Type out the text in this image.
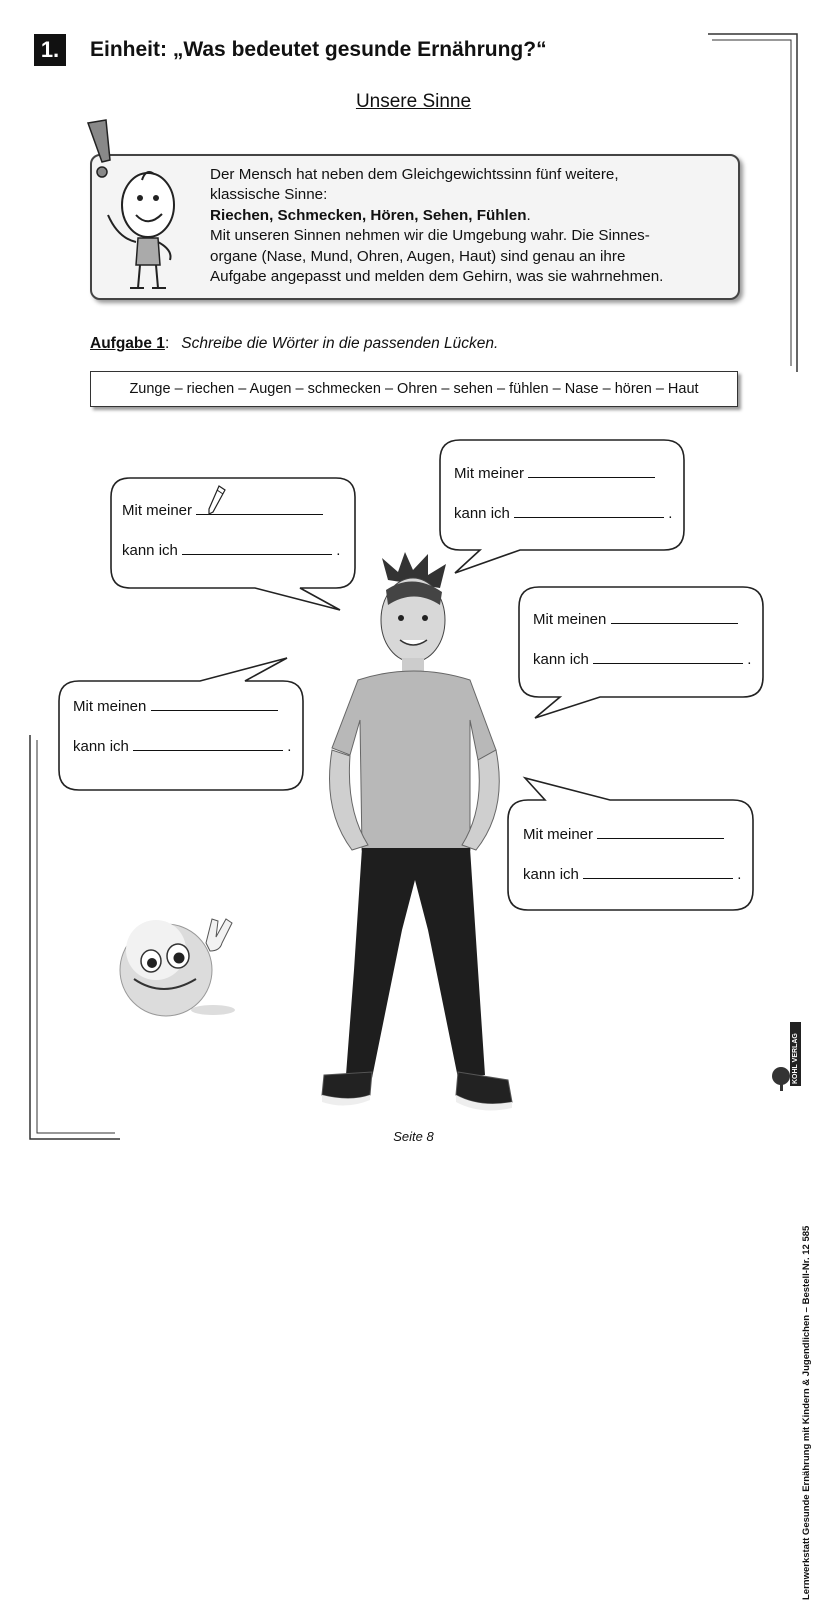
1.	Einheit: „Was bedeutet gesunde Ernährung?“
Unsere Sinne
Der Mensch hat neben dem Gleichgewichtssinn fünf weitere,
klassische Sinne:
Riechen, Schmecken, Hören, Sehen, Fühlen.
Mit unseren Sinnen nehmen wir die Umgebung wahr. Die Sinnes-
organe (Nase, Mund, Ohren, Augen, Haut) sind genau an ihre
Aufgabe angepasst und melden dem Gehirn, was sie wahrnehmen.
Aufgabe 1: Schreibe die Wörter in die passenden Lücken.
Zunge – riechen – Augen – schmecken – Ohren – sehen – fühlen – Nase – hören – Haut
Mit meiner
kann ich	.
Mit meiner
kann ich	.
Mit meinen
kann ich	.
Mit meinen
kann ich	.
Mit meiner
kann ich	.
Lernwerkstatt Gesunde Ernährung mit Kindern & Jugendlichen – Bestell-Nr. 12 585
KOHL VERLAG
Seite 8
